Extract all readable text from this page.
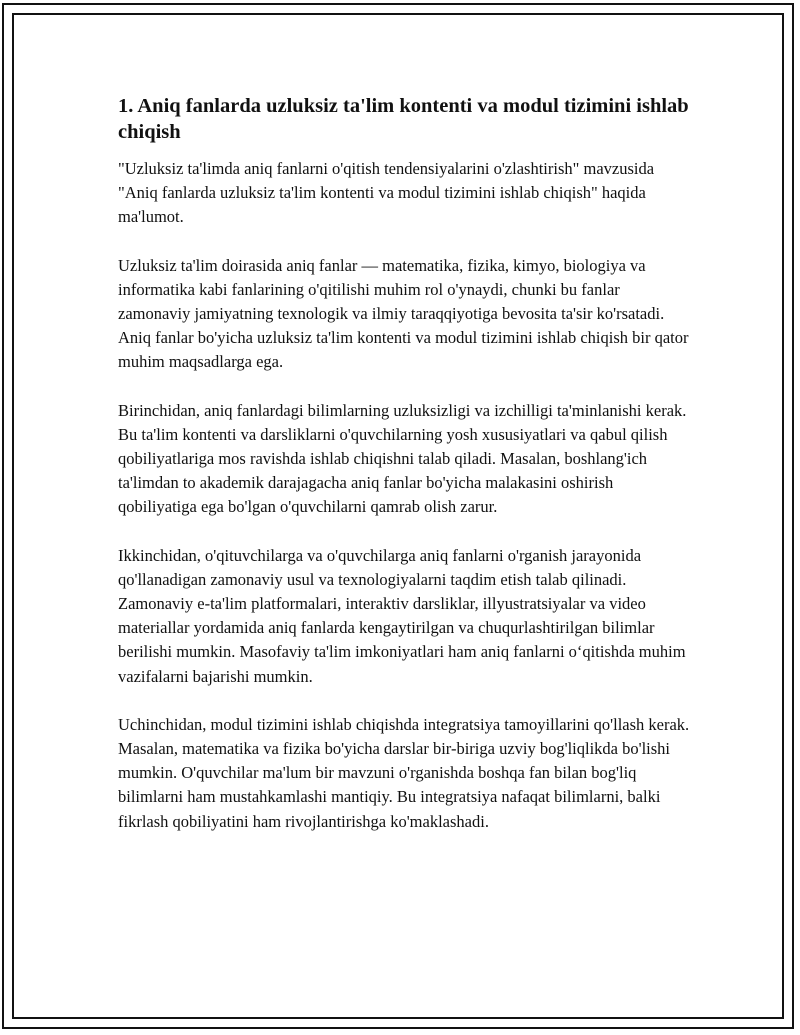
1. Aniq fanlarda uzluksiz ta'lim kontenti va modul tizimini ishlab chiqish

"Uzluksiz ta'limda aniq fanlarni o'qitish tendensiyalarini o'zlashtirish" mavzusida "Aniq fanlarda uzluksiz ta'lim kontenti va modul tizimini ishlab chiqish" haqida ma'lumot.

Uzluksiz ta'lim doirasida aniq fanlar — matematika, fizika, kimyo, biologiya va informatika kabi fanlarining o'qitilishi muhim rol o'ynaydi, chunki bu fanlar zamonaviy jamiyatning texnologik va ilmiy taraqqiyotiga bevosita ta'sir ko'rsatadi. Aniq fanlar bo'yicha uzluksiz ta'lim kontenti va modul tizimini ishlab chiqish bir qator muhim maqsadlarga ega.

Birinchidan, aniq fanlardagi bilimlarning uzluksizligi va izchilligi ta'minlanishi kerak. Bu ta'lim kontenti va darsliklarni o'quvchilarning yosh xususiyatlari va qabul qilish qobiliyatlariga mos ravishda ishlab chiqishni talab qiladi. Masalan, boshlang'ich ta'limdan to akademik darajagacha aniq fanlar bo'yicha malakasini oshirish qobiliyatiga ega bo'lgan o'quvchilarni qamrab olish zarur.

Ikkinchidan, o'qituvchilarga va o'quvchilarga aniq fanlarni o'rganish jarayonida qo'llanadigan zamonaviy usul va texnologiyalarni taqdim etish talab qilinadi. Zamonaviy e-ta'lim platformalari, interaktiv darsliklar, illyustratsiyalar va video materiallar yordamida aniq fanlarda kengaytirilgan va chuqurlashtirilgan bilimlar berilishi mumkin. Masofaviy ta'lim imkoniyatlari ham aniq fanlarni o‘qitishda muhim vazifalarni bajarishi mumkin.

Uchinchidan, modul tizimini ishlab chiqishda integratsiya tamoyillarini qo'llash kerak. Masalan, matematika va fizika bo'yicha darslar bir-biriga uzviy bog'liqlikda bo'lishi mumkin. O'quvchilar ma'lum bir mavzuni o'rganishda boshqa fan bilan bog'liq bilimlarni ham mustahkamlashi mantiqiy. Bu integratsiya nafaqat bilimlarni, balki fikrlash qobiliyatini ham rivojlantirishga ko'maklashadi.
